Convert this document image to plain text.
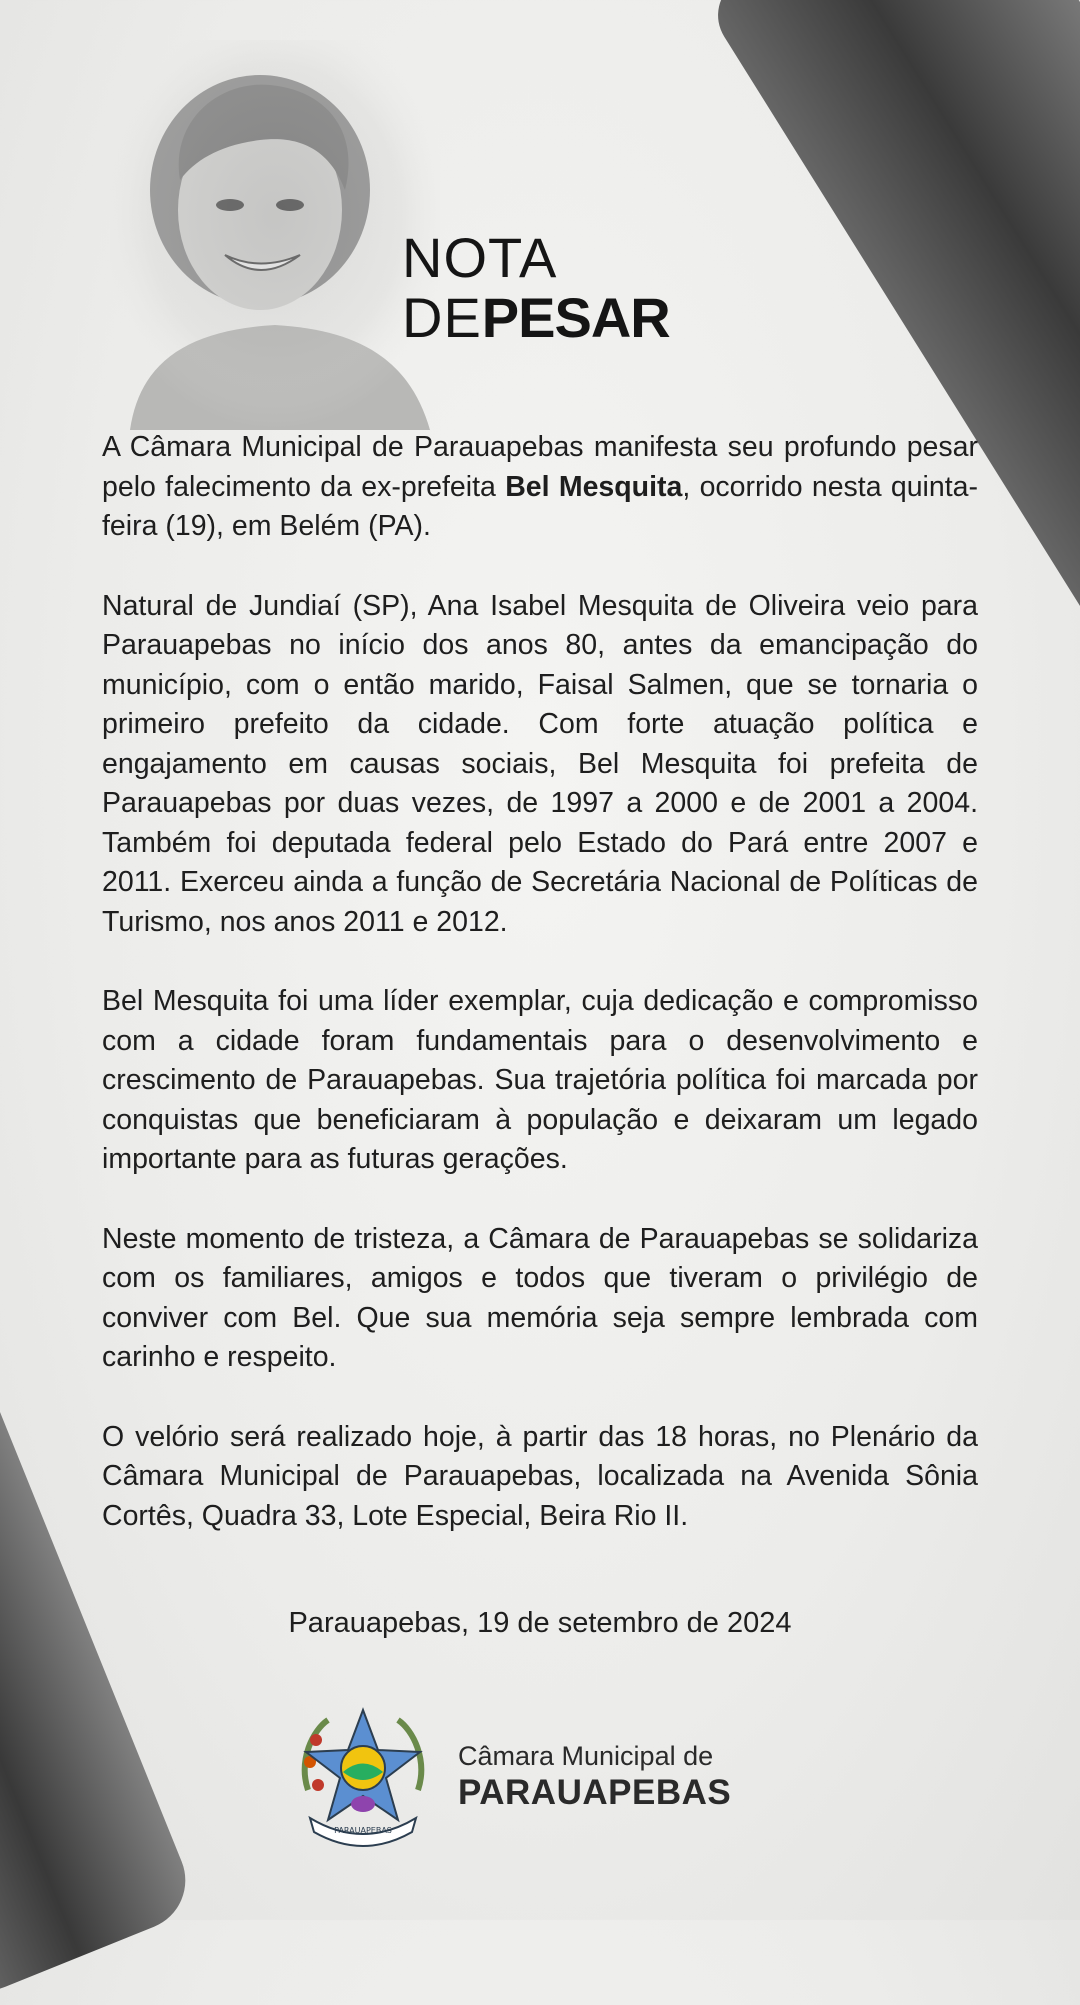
NOTA
DEPESAR

A Câmara Municipal de Parauapebas manifesta seu profundo pesar pelo falecimento da ex-prefeita Bel Mesquita, ocorrido nesta quinta-feira (19), em Belém (PA).

Natural de Jundiaí (SP), Ana Isabel Mesquita de Oliveira veio para Parauapebas no início dos anos 80, antes da emancipação do município, com o então marido, Faisal Salmen, que se tornaria o primeiro prefeito da cidade. Com forte atuação política e engajamento em causas sociais, Bel Mesquita foi prefeita de Parauapebas por duas vezes, de 1997 a 2000 e de 2001 a 2004. Também foi deputada federal pelo Estado do Pará entre 2007 e 2011. Exerceu ainda a função de Secretária Nacional de Políticas de Turismo, nos anos 2011 e 2012.

Bel Mesquita foi uma líder exemplar, cuja dedicação e compromisso com a cidade foram fundamentais para o desenvolvimento e crescimento de Parauapebas. Sua trajetória política foi marcada por conquistas que beneficiaram à população e deixaram um legado importante para as futuras gerações.

Neste momento de tristeza, a Câmara de Parauapebas se solidariza com os familiares, amigos e todos que tiveram o privilégio de conviver com Bel. Que sua memória seja sempre lembrada com carinho e respeito.

O velório será realizado hoje, à partir das 18 horas, no Plenário da Câmara Municipal de Parauapebas, localizada na Avenida Sônia Cortês, Quadra 33, Lote Especial, Beira Rio II.

Parauapebas, 19 de setembro de 2024
PARAUAPEBAS
Câmara Municipal de
PARAUAPEBAS
